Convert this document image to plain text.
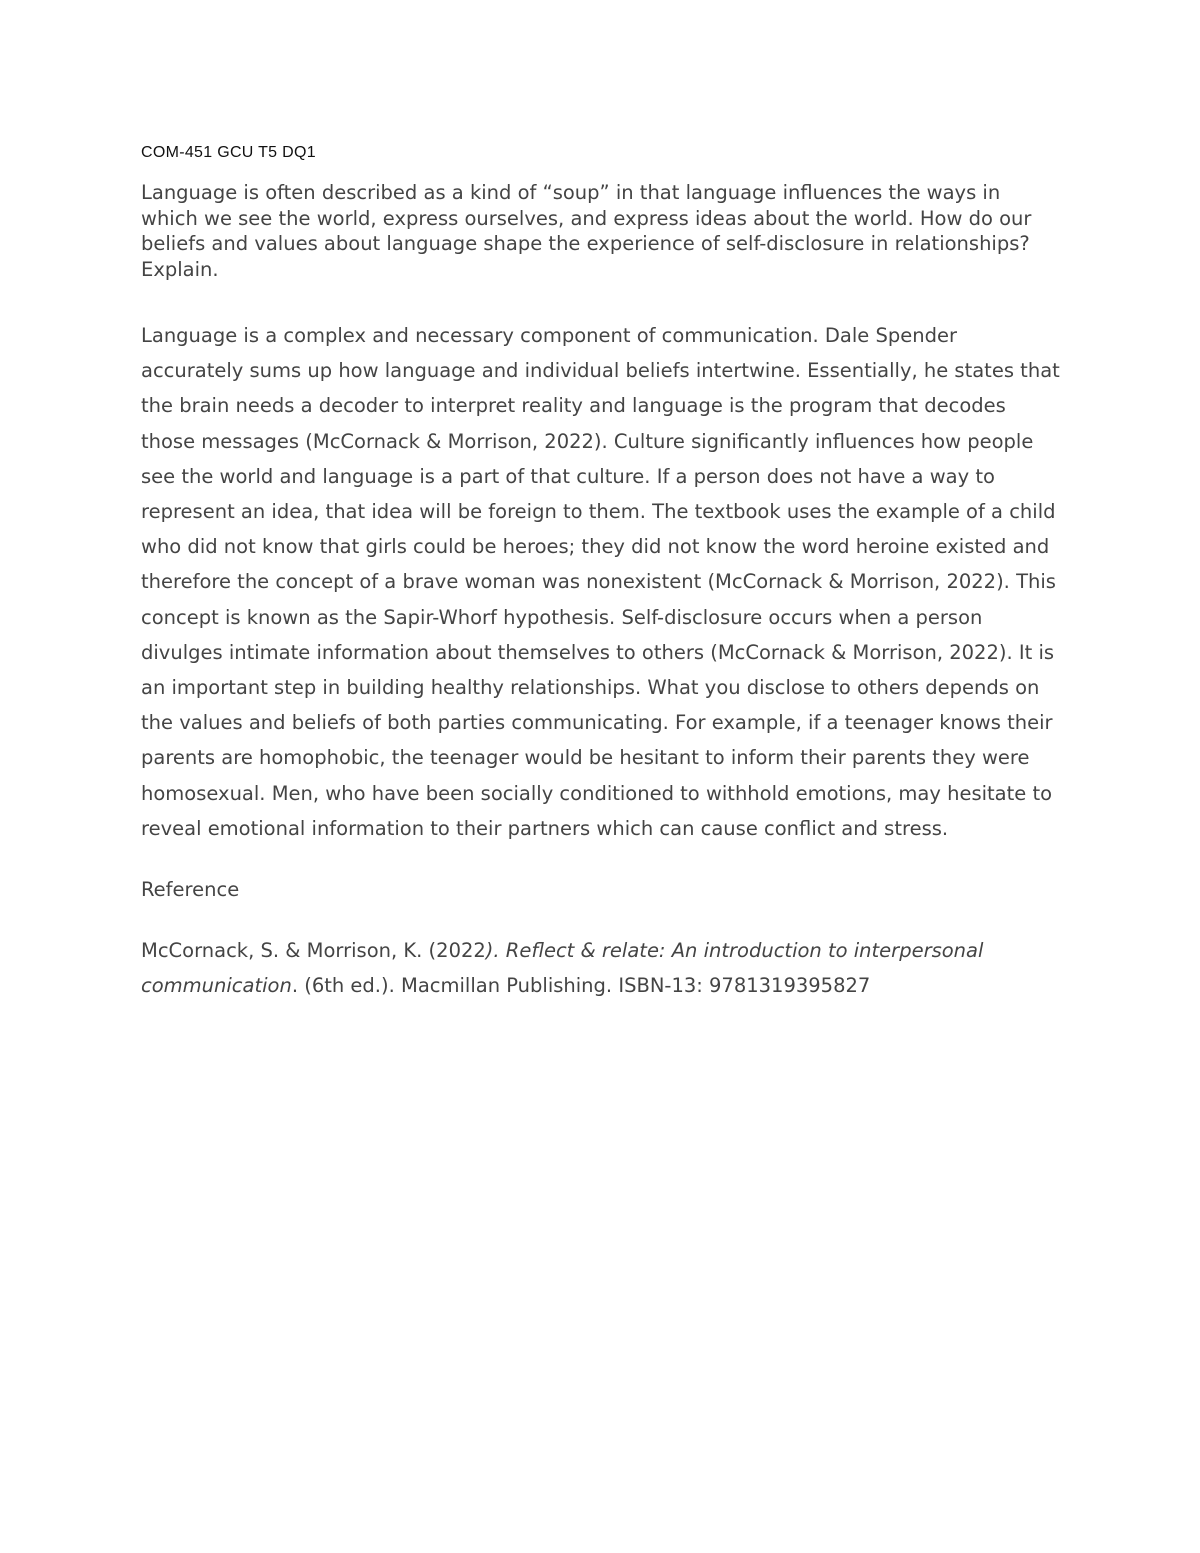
COM-451 GCU T5 DQ1

Language is often described as a kind of “soup” in that language influences the ways in which we see the world, express ourselves, and express ideas about the world. How do our beliefs and values about language shape the experience of self-disclosure in relationships? Explain.

Language is a complex and necessary component of communication. Dale Spender accurately sums up how language and individual beliefs intertwine. Essentially, he states that the brain needs a decoder to interpret reality and language is the program that decodes those messages (McCornack & Morrison, 2022). Culture significantly influences how people see the world and language is a part of that culture. If a person does not have a way to represent an idea, that idea will be foreign to them. The textbook uses the example of a child who did not know that girls could be heroes; they did not know the word heroine existed and therefore the concept of a brave woman was nonexistent (McCornack & Morrison, 2022). This concept is known as the Sapir-Whorf hypothesis. Self-disclosure occurs when a person divulges intimate information about themselves to others (McCornack & Morrison, 2022). It is an important step in building healthy relationships. What you disclose to others depends on the values and beliefs of both parties communicating. For example, if a teenager knows their parents are homophobic, the teenager would be hesitant to inform their parents they were homosexual. Men, who have been socially conditioned to withhold emotions, may hesitate to reveal emotional information to their partners which can cause conflict and stress.

Reference

McCornack, S. & Morrison, K. (2022). Reflect & relate: An introduction to interpersonal communication. (6th ed.). Macmillan Publishing. ISBN-13: 9781319395827
